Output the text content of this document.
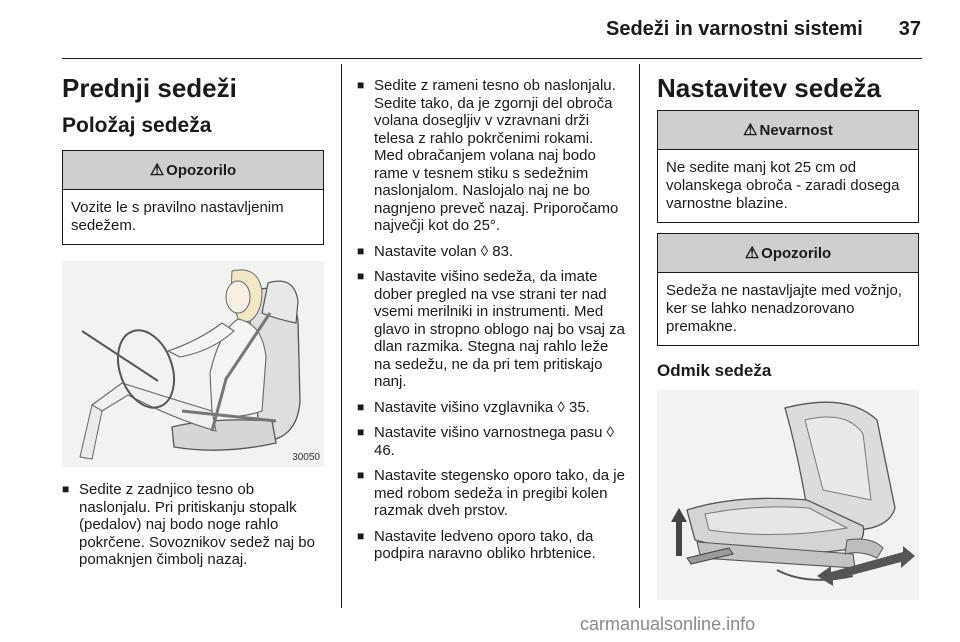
Sedeži in varnostni sistemi 37
Prednji sedeži
Položaj sedeža
⚠ Opozorilo
Vozite le s pravilno nastavljenim sedežem.
30050
■ Sedite z zadnjico tesno ob naslonjalu. Pri pritiskanju stopalk (pedalov) naj bodo noge rahlo pokrčene. Sovoznikov sedež naj bo pomaknjen čimbolj nazaj.
■ Sedite z rameni tesno ob naslonjalu. Sedite tako, da je zgornji del obroča volana dosegljiv v vzravnani drži telesa z rahlo pokrčenimi rokami. Med obračanjem volana naj bodo rame v tesnem stiku s sedežnim naslonjalom. Naslojalo naj ne bo nagnjeno preveč nazaj. Priporočamo največji kot do 25°.
■ Nastavite volan ◊ 83.
■ Nastavite višino sedeža, da imate dober pregled na vse strani ter nad vsemi merilniki in instrumenti. Med glavo in stropno oblogo naj bo vsaj za dlan razmika. Stegna naj rahlo leže na sedežu, ne da pri tem pritiskajo nanj.
■ Nastavite višino vzglavnika ◊ 35.
■ Nastavite višino varnostnega pasu ◊ 46.
■ Nastavite stegensko oporo tako, da je med robom sedeža in pregibi kolen razmak dveh prstov.
■ Nastavite ledveno oporo tako, da podpira naravno obliko hrbtenice.
Nastavitev sedeža
⚠ Nevarnost
Ne sedite manj kot 25 cm od volanskega obroča - zaradi dosega varnostne blazine.
⚠ Opozorilo
Sedeža ne nastavljajte med vožnjo, ker se lahko nenadzorovano premakne.
Odmik sedeža
carmanualsonline.info
